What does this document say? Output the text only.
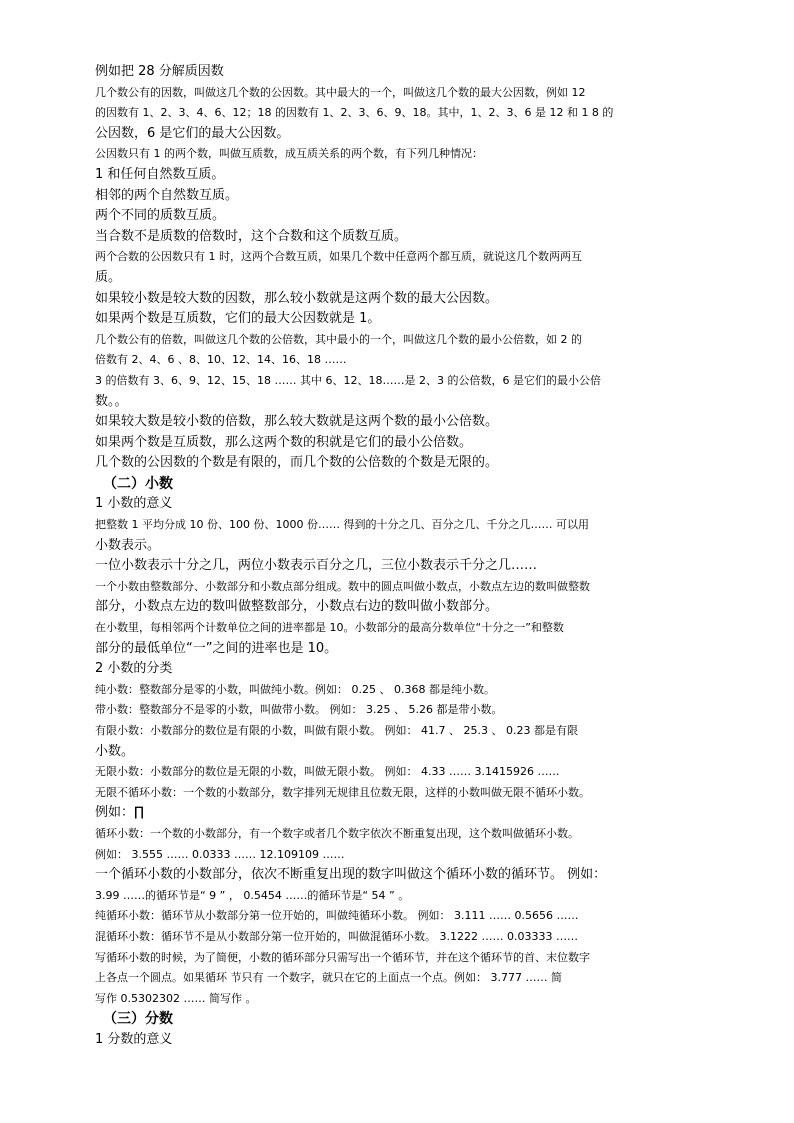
例如把 28 分解质因数
几个数公有的因数，叫做这几个数的公因数。其中最大的一个，叫做这几个数的最大公因数，例如 12
的因数有 1、2、3、4、6、12；18 的因数有 1、2、3、6、9、18。其中，1、2、3、6 是 12 和 1 8 的
公因数，6 是它们的最大公因数。
公因数只有 1 的两个数，叫做互质数，成互质关系的两个数，有下列几种情况：
1 和任何自然数互质。
相邻的两个自然数互质。
两个不同的质数互质。
当合数不是质数的倍数时，这个合数和这个质数互质。
两个合数的公因数只有 1 时，这两个合数互质，如果几个数中任意两个都互质，就说这几个数两两互
质。
如果较小数是较大数的因数，那么较小数就是这两个数的最大公因数。
如果两个数是互质数，它们的最大公因数就是 1。
几个数公有的倍数，叫做这几个数的公倍数，其中最小的一个，叫做这几个数的最小公倍数，如 2 的
倍数有 2、4、6 、8、10、12、14、16、18 ……
3 的倍数有 3、6、9、12、15、18 …… 其中 6、12、18……是 2、3 的公倍数，6 是它们的最小公倍
数。。
如果较大数是较小数的倍数，那么较大数就是这两个数的最小公倍数。
如果两个数是互质数，那么这两个数的积就是它们的最小公倍数。
几个数的公因数的个数是有限的，而几个数的公倍数的个数是无限的。
（二）小数
1 小数的意义
把整数 1 平均分成 10 份、100 份、1000 份…… 得到的十分之几、百分之几、千分之几…… 可以用
小数表示。
一位小数表示十分之几，两位小数表示百分之几，三位小数表示千分之几……
一个小数由整数部分、小数部分和小数点部分组成。数中的圆点叫做小数点，小数点左边的数叫做整数
部分，小数点左边的数叫做整数部分，小数点右边的数叫做小数部分。
在小数里，每相邻两个计数单位之间的进率都是 10。小数部分的最高分数单位“十分之一”和整数
部分的最低单位“一”之间的进率也是 10。
2 小数的分类
纯小数：整数部分是零的小数，叫做纯小数。例如： 0.25 、 0.368 都是纯小数。
带小数：整数部分不是零的小数，叫做带小数。 例如： 3.25 、 5.26 都是带小数。
有限小数：小数部分的数位是有限的小数，叫做有限小数。 例如： 41.7 、 25.3 、 0.23 都是有限
小数。
无限小数：小数部分的数位是无限的小数，叫做无限小数。 例如： 4.33 …… 3.1415926 ……
无限不循环小数：一个数的小数部分，数字排列无规律且位数无限，这样的小数叫做无限不循环小数。
例如：∏
循环小数：一个数的小数部分，有一个数字或者几个数字依次不断重复出现，这个数叫做循环小数。
例如： 3.555 …… 0.0333 …… 12.109109 ……
一个循环小数的小数部分，依次不断重复出现的数字叫做这个循环小数的循环节。 例如：
3.99 ……的循环节是“ 9 ” ， 0.5454 ……的循环节是“ 54 ” 。
纯循环小数：循环节从小数部分第一位开始的，叫做纯循环小数。 例如： 3.111 …… 0.5656 ……
混循环小数：循环节不是从小数部分第一位开始的，叫做混循环小数。 3.1222 …… 0.03333 ……
写循环小数的时候，为了简便，小数的循环部分只需写出一个循环节，并在这个循环节的首、末位数字
上各点一个圆点。如果循环 节只有 一个数字，就只在它的上面点一个点。例如： 3.777 …… 简
写作 0.5302302 …… 简写作 。
（三）分数
1 分数的意义
